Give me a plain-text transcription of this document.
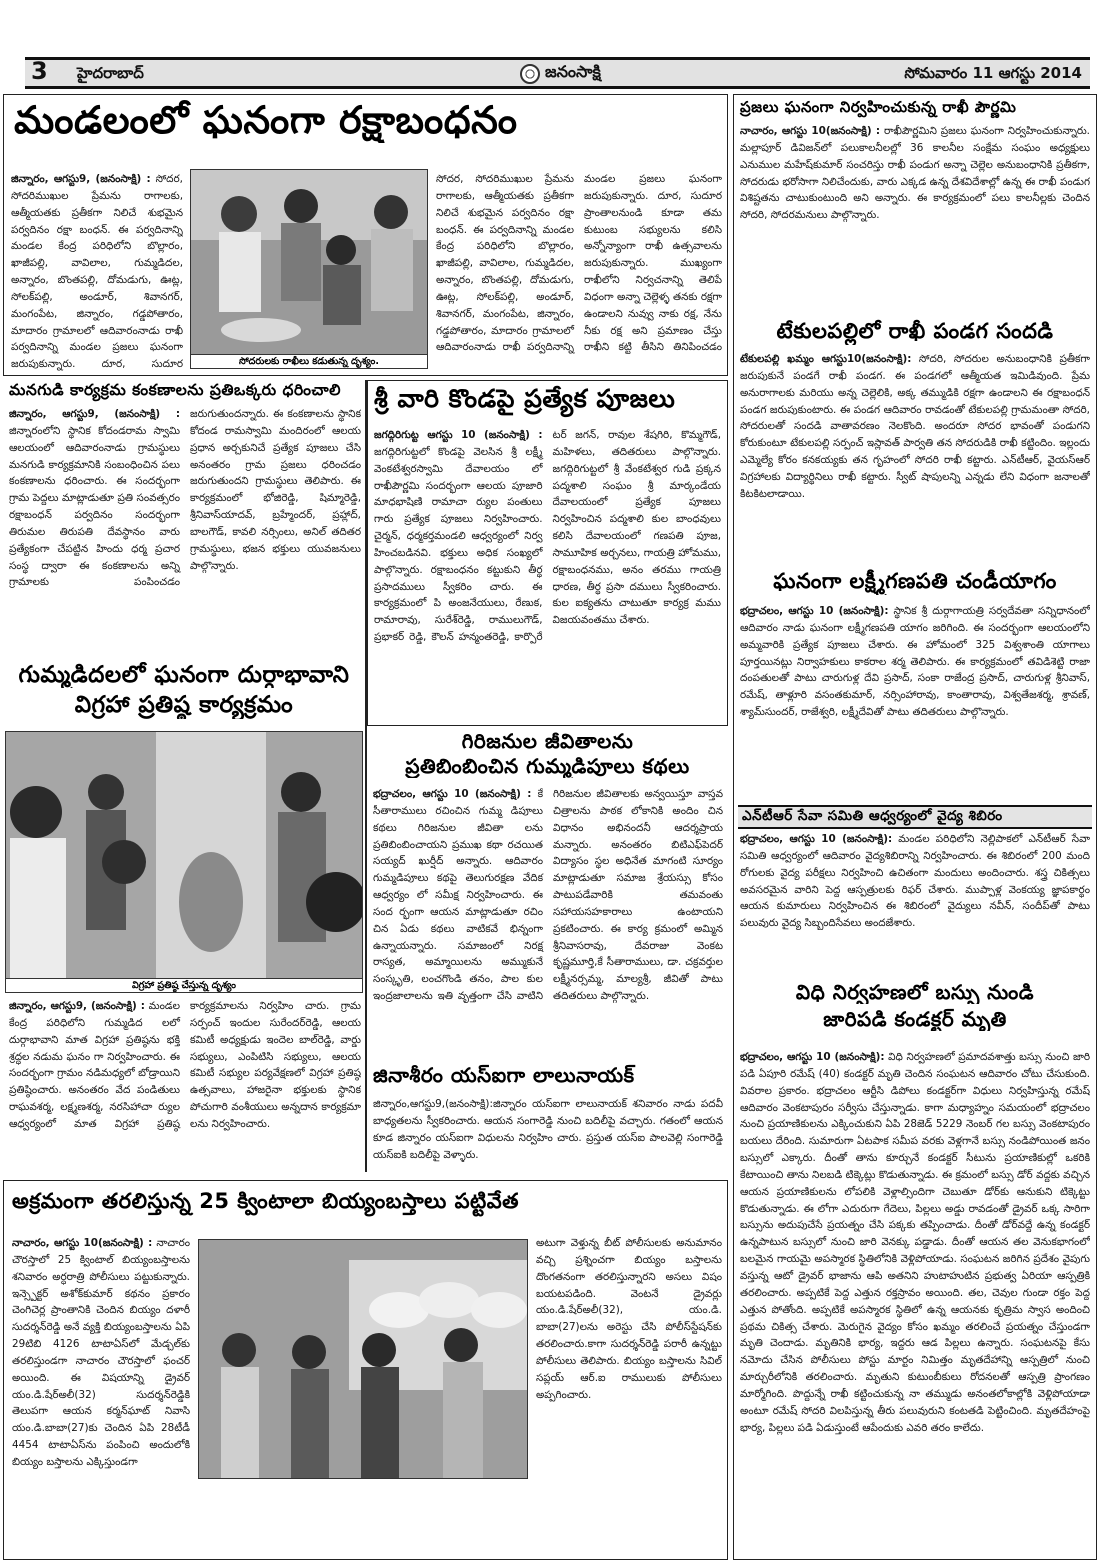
3 హైదరాబాద్	జనంసాక్షి	సోమవారం 11 ఆగస్టు 2014
మండలంలో ఘనంగా రక్షాబంధనం
సోదరులకు రాఖీలు కడుతున్న దృశ్యం.
జిన్నారం, ఆగస్టు9, (జనంసాక్షి) : సోదర, సోదరిముఖుల ప్రేమను రాగాలకు, ఆత్మీయతకు ప్రతీకగా నిలిచే శుభమైన పర్వదినం రక్షా బంధన్. ఈ పర్వదినాన్ని మండల కేంద్ర పరిధిలోని బొల్లారం, ఖాజీపల్లి, వావిలాల, గుమ్మడిదల, అన్నారం, బొంతపల్లి, దోమడుగు, ఊట్ల, సోలక్‌పల్లి, అండూర్, శివానగర్, మంగంపేట, జిన్నారం, గడ్డపోతారం, మాదారం గ్రామాలలో ఆదివారంనాడు రాఖీ పర్వదినాన్ని మండల ప్రజలు ఘనంగా జరుపుకున్నారు. దూర, సుదూర
సోదర, సోదరిముఖుల ప్రేమను రాగాలకు, ఆత్మీయతకు ప్రతీకగా నిలిచే శుభమైన పర్వదినం రక్షా బంధన్. ఈ పర్వదినాన్ని మండల కేంద్ర పరిధిలోని బొల్లారం, ఖాజీపల్లి, వావిలాల, గుమ్మడిదల, అన్నారం, బొంతపల్లి, దోమడుగు, ఊట్ల, సోలక్‌పల్లి, అండూర్, శివానగర్, మంగంపేట, జిన్నారం, గడ్డపోతారం, మాదారం గ్రామాలలో ఆదివారంనాడు రాఖీ పర్వదినాన్ని మండల ప్రజలు ఘనంగా జరుపుకున్నారు. దూర, సుదూర ప్రాంతాలనుండి కూడా తమ కుటుంబ సభ్యులను కలిసి అన్నోన్యాంగా రాఖీ ఉత్సవాలను జరుపుకున్నారు. ముఖ్యంగా రాఖీలోని నిర్వచనాన్ని తెలిపే విధంగా అన్నా చెల్లెళ్ళ తనకు రక్షగా ఉండాలని నువ్వు నాకు రక్ష, నేను నీకు రక్ష అని ప్రమాణం చేస్తు రాఖీని కట్టి తీసిని తినిపించడం
మనగుడి కార్యక్రమ కంకణాలను ప్రతిఒక్కరు ధరించాలి
జిన్నారం, ఆగస్టు9, (జనంసాక్షి) : జిన్నారంలోని స్థానిక కోదండరామ స్వామి ఆలయంలో ఆదివారంనాడు గ్రామస్థులు మనగుడి కార్యక్రమానికి సంబంధించిన పలు కంకణాలను ధరించారు. ఈ సందర్భంగా గ్రామ పెద్దలు మాట్లాడుతూ ప్రతి సంవత్సరం రక్షాబంధన్ పర్వదినం సందర్భంగా తిరుమల తిరుపతి దేవస్థానం వారు ప్రత్యేకంగా చేపట్టిన హిందు ధర్మ ప్రచార సంస్థ ద్వారా ఈ కంకణాలను అన్ని గ్రామాలకు పంపించడం జరుగుతుందన్నారు. ఈ కంకణాలను స్థానిక కోదండ రామస్వామి మందిరంలో ఆలయ ప్రధాన అర్చకునిచే ప్రత్యేక పూజలు చేసి అనంతరం గ్రామ ప్రజలు ధరించడం జరుగుతుందని గ్రామస్థులు తెలిపారు. ఈ కార్యక్రమంలో భోజిరెడ్డి, షిమ్మారెడ్డి, శ్రీనివాస్‌యాదవ్, బ్రహ్మేందర్, ప్రహ్లాద్, బాలగౌడ్, కావలి నర్సింలు, అనిల్ తదితర గ్రామస్థులు, భజన భక్తులు యువజనులు పాల్గొన్నారు.
గుమ్మడిదలలో ఘనంగా దుర్గాభావాని
విగ్రహా ప్రతిష్ఠ కార్యక్రమం
విగ్రహా ప్రతిష్ఠ చేస్తున్న దృశ్యం
జిన్నారం, ఆగస్టు9, (జనంసాక్షి) : మండల కేంద్ర పరిధిలోని గుమ్మడిద లలో దుర్గాభావాని మాత విగ్రహా ప్రతిష్ఠను భక్తి శ్రద్ధల నడుమ ఘనం గా నిర్వహించారు. ఈ సందర్భంగా గ్రామం నడిమధ్యలో బోడ్రాయిని ప్రతిష్ఠించారు. అనంతరం వేద పండితులు రాఘవశర్మ, లక్ష్మణశర్మ, నరసిహాచా ర్యుల ఆధ్వర్యంలో మాత విగ్రహా ప్రతిష్ఠ కార్యక్రమాలను నిర్వహిం చారు. గ్రామ సర్పంచ్ ఇందుల సురేందర్‌రెడ్డి, ఆలయ కమిటీ అధ్యక్షుడు ఇందెల బాల్‌రెడ్డి, వార్డు సభ్యులు, ఎంపిటిసి సభ్యులు, ఆలయ కమిటీ సభ్యుల పర్యవేక్షణలో విగ్రహా ప్రతిష్ఠ ఉత్సవాలు, హాజరైనా భక్తులకు స్థానిక పోచుగారి వంశీయులు అన్నదాన కార్యక్రమా లను నిర్వహించారు.
శ్రీ వారి కొండపై ప్రత్యేక పూజలు
జగద్గిరిగుట్ట ఆగస్టు 10 (జనంసాక్షి) : జగద్గిరిగుట్టలో కొండపై వెలసిన శ్రీ లక్ష్మీ వెంకటేశ్వరస్వామి దేవాలయం లో రాఖీపౌర్ణమి సందర్భంగా ఆలయ పూజారి మాధభాషిణి రామాచా ర్యుల పంతులు గారు ప్రత్యేక పూజలు నిర్వహించారు. చైర్మన్, ధర్మకర్తమండలి ఆధ్వర్యంలో నిర్వ హించబడినవి. భక్తులు అధిక సంఖ్యలో పాల్గొన్నారు. రక్షాబంధనం కట్టుకుని తీర్థ ప్రసాదములు స్వీకరిం చారు. ఈ కార్యక్రమంలో పి అంజనేయులు, రేణుక, రామారావు, సురేశ్‌రెడ్డి, రాములుగౌడ్, ప్రభాకర్ రెడ్డి, కౌలన్ హన్మంతరెడ్డి, కార్పొరే టర్ జగన్, రావుల శేషగిరి, కొమ్మగౌడ్, మహిళలు, తదితరులు పాల్గొన్నారు. జగద్గిరిగుట్టలో శ్రీ వేంకటేశ్వర గుడి ప్రక్కన పద్మశాలి సంఘం శ్రీ మార్కండేయ దేవాలయంలో ప్రత్యేక పూజలు నిర్వహించిన పద్మశాలి కుల బాంధవులు కలిసి దేవాలయంలో గణపతి పూజ, సామూహిక అర్చనలు, గాయత్రి హోమము, రక్షాబంధనము, అనం తరము గాయత్రి ధారణ, తీర్థ ప్రసా దములు స్వీకరించారు. కుల ఐక్యతను చాటుతూ కార్యక్ర మము విజయవంతము చేశారు.
గిరిజనుల జీవితాలను
ప్రతిబింబించిన గుమ్మడిపూలు కథలు
భద్రాచలం, ఆగస్టు 10 (జనంసాక్షి) : కే సీతారాములు రచించిన గుమ్మ డిపూలు కథలు గిరిజనుల జీవితా లను ప్రతిబింబించాయని ప్రముఖ కథా రచయిత సయ్యద్ ఖుర్షీద్ అన్నారు. ఆదివారం గుమ్మడిపూలు కథపై తెలుగురక్షణ వేదిక ఆధ్వర్యం లో సమీక్ష నిర్వహించారు. ఈ సంద ర్భంగా ఆయన మాట్లాడుతూ రచిం చిన ఏడు కథలు వాటికవే భిన్నంగా ఉన్నాయన్నారు. సమాజంలో నిరక్ష రాస్యత, అమ్మాయిలను అమ్ముకునే సంస్కృతి, లంచగొండి తనం, పాల కుల ఇంద్రజాలాలను ఇతి వృత్తంగా చేసి వాటిని గిరిజనుల జీవితాలకు అన్వయిస్తూ వాస్తవ చిత్రాలను పాఠక లోకానికి అందిం చిన విధానం అభినందనీ ఆదర్శప్రాయ మన్నారు. అనంతరం బిటిఎఫ్‌పెదర్ విద్యాసం స్థల అధినేత మాగంటి సూర్యం మాట్లాడుతూ సమాజ శ్రేయస్సు కోసం పాటుపడేవారికి తమవంతు సహాయసహకారాలు ఉంటాయని ప్రకటించారు. ఈ కార్య క్రమంలో అమ్మిన శ్రీనివాసరావు, దేవరాజు వెంకట కృష్ణమూర్తి,కే సీతారాములు, డా. చక్రవర్తుల లక్ష్మీనర్సమ్మ, మాల్యశ్రీ, జీవితో పాటు తదితరులు పాల్గొన్నారు.
జినాశీరం యస్ఐగా లాలునాయక్
జిన్నారం,ఆగస్టు9,(జనంసాక్షి):జిన్నారం యస్ఐగా లాలునాయక్ శనివారం నాడు పదవీ బాధ్యతలను స్వీకరించారు. ఆయన సంగారెడ్డి నుంచి బదిలీపై వచ్చారు. గతంలో ఆయన కూడ జిన్నారం యస్ఐగా విధులను నిర్వహిం చారు. ప్రస్తుత యస్ఐ పాలవెల్లి సంగారెడ్డి యస్ఐకి బదిలీపై వెళ్ళారు.
అక్రమంగా తరలిస్తున్న 25 క్వింటాలా బియ్యంబస్తాలు పట్టివేత
నాచారం, ఆగస్టు 10(జనంసాక్షి) : నాచారం చౌరస్తాలో 25 క్వింటాల్ బియ్యంబస్తాలను శనివారం అర్ధరాత్రి పోలీసులు పట్టుకున్నారు. ఇన్స్పెక్టర్ అశోక్‌కుమార్ కథనం ప్రకారం చెంగిచెర్ల ప్రాంతానికి చెందిన బియ్యం దళారీ సుదర్శన్‌రెడ్డి అనే వ్యక్తి బియ్యంబస్తాలను ఏపి 29టిబి 4126 టాటాఏస్‌లో మేడ్చల్‌కు తరలిస్తుండగా నాచారం చౌరస్తాలో ఫంచర్ అయింది. ఈ విషయాన్ని డ్రైవర్ యం.డి.షేర్‌అలీ(32) సుదర్శన్‌రెడ్డికి తెలుపగా ఆయన కర్మన్‌ఘాట్ నివాసి యం.డి.బాబా(27)కు చెందిన ఏపి 28టీడీ 4454 టాటాఏస్‌ను పంపించి అందులోకి బియ్యం బస్తాలను ఎక్కిస్తుండగా
అటుగా వెళ్తున్న బీట్ పోలీసులకు అనుమానం వచ్చి ప్రశ్నించగా బియ్యం బస్తాలను దొంగతనంగా తరలిస్తున్నారని అసలు విషం బయటపడింది. వెంటనే డ్రైవర్లు యం.డి.షేర్‌అలీ(32), యం.డి. బాబా(27)లను అరెస్టు చేసి పోలీస్‌స్టేషన్‌కు తరలించారు.కాగా సుదర్శన్‌రెడ్డి పరారీ ఉన్నట్టు పోలీసులు తెలిపారు. బియ్యం బస్తాలను సివిల్ సప్లయ్ ఆర్.ఐ రాములుకు పోలీసులు అప్పగించారు.
ప్రజలు ఘనంగా నిర్వహించుకున్న రాఖీ పౌర్ణమి
నాచారం, ఆగస్టు 10(జనంసాక్షి) : రాఖీపౌర్ణమిని ప్రజలు ఘనంగా నిర్వహించుకున్నారు. మల్లాపూర్ డివిజన్‌లో పలుకాలనీలల్లో 36 కాలనీల సంక్షేమ సంఘం అధ్యక్షులు ఎనుముల మహేష్‌కుమార్ సంచరిస్తు రాఖీ పండుగ అన్నా చెల్లెల అనుబంధానికి ప్రతీకగా, సోదరుడు భరోసాగా నిలిచేందుకు, వారు ఎక్కడ ఉన్న దేశవిదేశాల్లో ఉన్న ఈ రాఖీ పండుగ విశిష్టతను చాటుకుంటుంది అని అన్నారు. ఈ కార్యక్రమంలో పలు కాలనీల్లకు చెందిన సోదరి, సోదరమనులు పాల్గొన్నారు.
టేకులపల్లిలో రాఖీ పండగ సందడి
టేకులపల్లి ఖమ్మం ఆగస్టు10(జనంసాక్షి): సోదరి, సోదరుల అనుబంధానికి ప్రతీకగా జరుపుకునే పండగే రాఖీ పండగ. ఈ పండగలో ఆత్మీయత ఇమిడివుంది. ప్రేమ అనురాగాలకు మరియు అన్న చెల్లెలికి, అక్క తమ్ముడికి రక్షగా ఉండాలని ఈ రక్షాబంధన్ పండగ జరుపుకుంటారు. ఈ పండగ ఆదివారం రావడంతో టేకులపల్లి గ్రామమంతా సోదరి, సోదరులతో సందడి వాతావరణం నెలకొంది. అందరూ సోదర భావంతో పండుగని కోరుకుంటూ టేకులపల్లి సర్పంచ్ ఇస్లావత్ పార్వతి తన సోదరుడికి రాఖీ కట్టిందిం. ఇల్లందు ఎమ్మెల్యే కోరం కనకయ్యకు తన గృహంలో సోదరి రాఖీ కట్టారు. ఎన్‌టీఆర్, వైయస్‌ఆర్ విగ్రహాలకు విద్యార్థినిలు రాఖీ కట్టారు. స్వీట్ షాపులన్ని ఎన్నడు లేని విధంగా జనాలతో కిటకిటలాడాయి.
ఘనంగా లక్ష్మీగణపతి చండీయాగం
భద్రాచలం, ఆగస్టు 10 (జనంసాక్షి): స్థానిక శ్రీ దుర్గాగాయత్రి సర్వదేవతా సన్నిధానంలో ఆదివారం నాడు ఘనంగా లక్ష్మీగణపతి యాగం జరిగింది. ఈ సందర్భంగా ఆలయంలోని అమ్మవారికి ప్రత్యేక పూజలు చేశారు. ఈ హోమంలో 325 విశ్వశాంతి యాగాలు పూర్తయినట్లు నిర్వాహకులు కాకరాల శర్మ తెలిపారు. ఈ కార్యక్రమంలో తవిడిశెట్టి రాజా దంపతులతో పాటు చారుగుళ్ల దేవి ప్రసాద్, సంకా రాజేంద్ర ప్రసాద్, చారుగుళ్ల శ్రీనివాస్, రమేష్, తాళ్లూరి వసంతకుమార్, నర్సింహారావు, కాంతారావు, విశ్వతేజశర్మ, శ్రావణ్, శ్యామ్‌సుందర్, రాజేశ్వరి, లక్ష్మీదేవితో పాటు తదితరులు పాల్గొన్నారు.
ఎన్‌టీఆర్ సేవా సమితి ఆధ్వర్యంలో వైద్య శిబిరం
భద్రాచలం, ఆగస్టు 10 (జనంసాక్షి): మండల పరిధిలోని నెల్లిపాకలో ఎన్‌టీఆర్ సేవా సమితి ఆధ్వర్యంలో ఆదివారం వైద్యశిబిరాన్ని నిర్వహించారు. ఈ శిబిరంలో 200 మంది రోగులకు వైద్య పరీక్షలు నిర్వహించి ఉచితంగా మందులు అందించారు. శస్త్ర చికిత్సలు అవసరమైన వారిని పెద్ద ఆస్పత్రులకు రిఫర్ చేశారు. ముప్పాళ్ల వెంకయ్య జ్ఞాపకార్థం ఆయన కుమారులు నిర్వహించిన ఈ శిబిరంలో వైద్యులు నవీన్, సందీప్‌తో పాటు పలువురు వైద్య సిబ్బందిసేవలు అందజేశారు.
విధి నిర్వహణలో బస్సు నుండి
జారిపడి కండక్టర్ మృతి
భద్రాచలం, ఆగస్టు 10 (జనంసాక్షి): విధి నిర్వహణలో ప్రమాదవశాత్తు బస్సు నుంచి జారి పడి ఏపూరి రమేష్ (40) కండక్టర్ మృతి చెందిన సంఘటన ఆదివారం చోటు చేసుకుంది. వివరాల ప్రకారం. భద్రాచలం ఆర్టీసి డిపోలు కండక్టర్‌గా విధులు నిర్వహిస్తున్న రమేష్ ఆదివారం వెంకటాపురం సర్వీసు చేస్తున్నాడు. కాగా మధ్యాహ్నం సమయంలో భద్రాచలం నుంచి ప్రయాణికులను ఎక్కించుకుని ఏపి 28జెడ్ 5229 నెంబర్ గల బస్సు వెంకటాపురం బయలు దేరింది. సుమారుగా ఏటపాక సమీప వరకు వెళ్లగానే బస్సు నండిపోయింత జనం బస్సులో ఎక్కారు. దీంతో తాను కూర్చునే కండక్టర్ సీటును ప్రయాణికుల్లో ఒకరికి కేటాయించి తాను నిలబడి టిక్కెట్లు కొడుతున్నాడు. ఈ క్రమంలో బస్సు డోర్ వద్దకు వచ్చిన ఆయన ప్రయాణికులను లోపలికి వెళ్లాల్సిందిగా చెబుతూ డోర్‌కు ఆనుకుని టిక్కెట్టు కొడుతున్నాడు. ఈ లోగా ఎదురుగా గేదెలు, పిల్లలు అడ్డు రావడంతో డ్రైవర్ ఒక్క సారిగా బస్సును అదుపుచేసే ప్రయత్నం చేసి పక్కకు తప్పించాడు. దీంతో డోర్‌వద్దే ఉన్న కండక్టర్ ఉన్నపాటున బస్సులో నుంచి జారి వెనక్కు పడ్డాడు. దీంతో ఆయన తల వెనుకభాగంలో బలమైన గాయమై అపస్మారక స్థితిలోనికి వెళ్లిపోయాడు. సంఘటన జరిగిన ప్రదేశం వైపుగు వస్తున్న ఆటో డ్రైవర్ భాజాను ఆపి అతనిని హుటాహుటిన ప్రభుత్వ ఏరియా ఆస్పత్రికి తరలించారు. అప్పటికే పెద్ద ఎత్తున రక్తస్రావం అయింది. తల, చెవుల గుండా రక్తం పెద్ద ఎత్తున పోతోంది. అప్పటికే అపస్మారక స్థితిలో ఉన్న ఆయనకు కృత్రిమ స్వాస అందించి ప్రథమ చికిత్స చేశారు. మెరుగైన వైద్యం కోసం ఖమ్మం తరలించే ప్రయత్నం చేస్తుండగా మృతి చెందాడు. మృతినికి భార్య, ఇద్దరు ఆడ పిల్లలు ఉన్నారు. సంఘటనపై కేసు నమోదు చేసిన పోలీసులు పోస్టు మార్టం నిమిత్తం మృతదేహాన్ని ఆస్పత్రిలో నుంచి మార్చురీలోనికి తరలించారు. మృతుని కుటుంబీకులు రోదనలతో ఆస్పత్రి ప్రాంగణం మార్మోగింది. పొద్దున్నే రాఖీ కట్టించుకున్న నా తమ్ముడు అనంతలోకాల్లోకి వెళ్లిపోయాడా అంటూ రమేష్ సోదరి విలపిస్తున్న తీరు పలువురుని కంటతడి పెట్టించింది. మృతదేహంపై భార్య, పిల్లలు పడి ఏడుస్తుంటే ఆపేందుకు ఎవరి తరం కాలేదు.
